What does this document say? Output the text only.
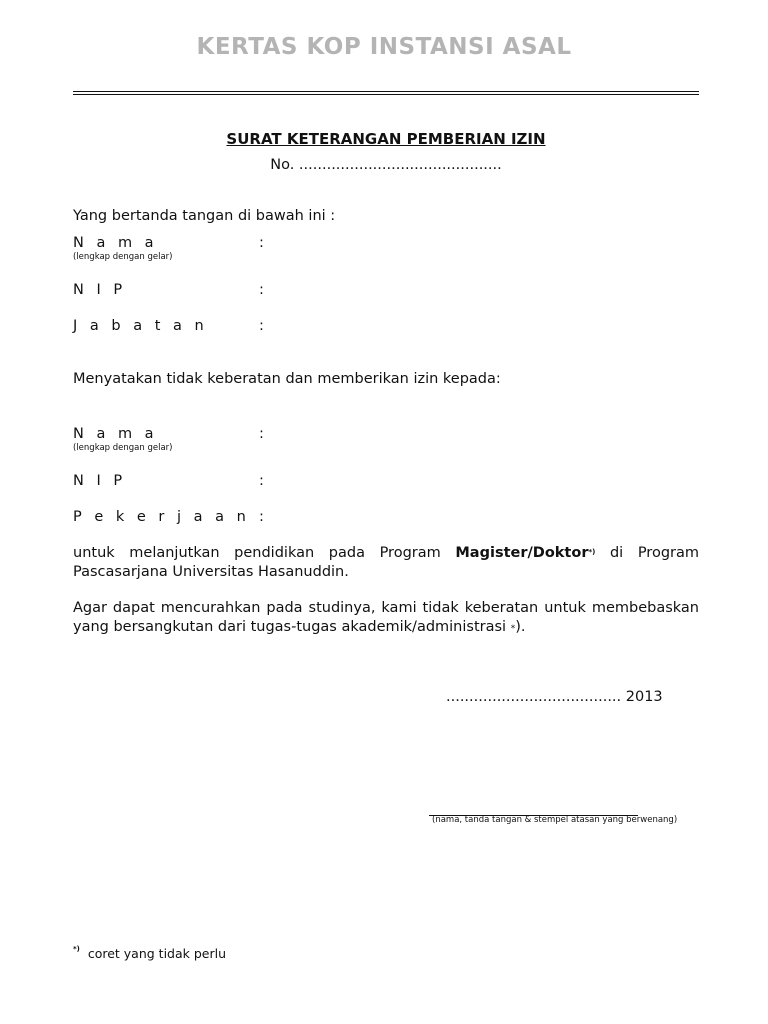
KERTAS KOP INSTANSI ASAL
SURAT KETERANGAN PEMBERIAN IZIN
No. ............................................
Yang bertanda tangan di bawah ini :
N a m a	:
(lengkap dengan gelar)
N I P	:
J a b a t a n	:
Menyatakan tidak keberatan dan memberikan izin kepada:
N a m a	:
(lengkap dengan gelar)
N I P	:
P e k e r j a a n :
untuk melanjutkan pendidikan pada Program Magister/Doktor*) di Program Pascasarjana Universitas Hasanuddin.
Agar dapat mencurahkan pada studinya, kami tidak keberatan untuk membebaskan yang bersangkutan dari tugas-tugas akademik/administrasi *).
...................................... 2013
(nama, tanda tangan & stempel atasan yang berwenang)
*) coret yang tidak perlu
